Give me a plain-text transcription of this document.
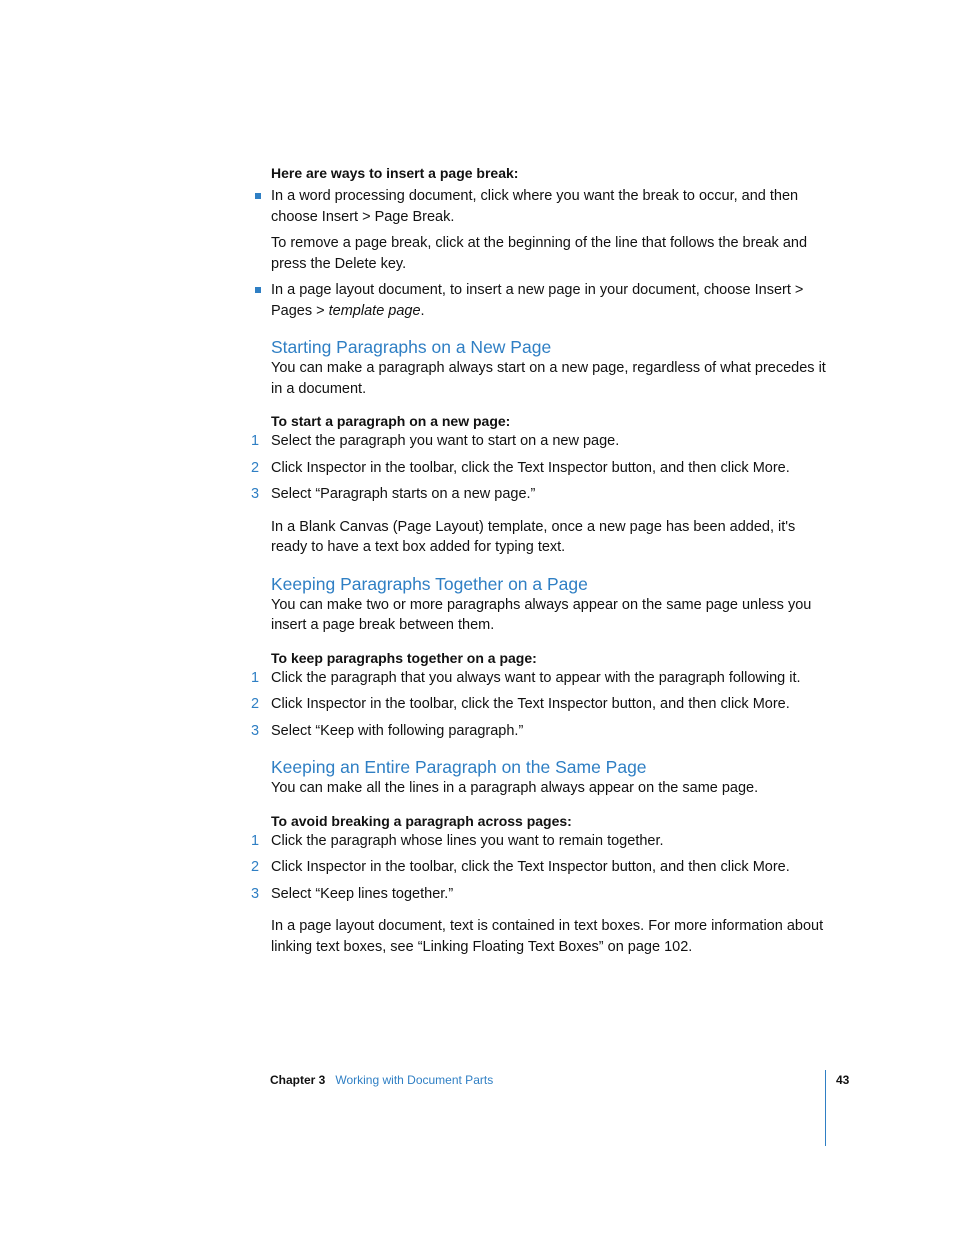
Here are ways to insert a page break:

In a word processing document, click where you want the break to occur, and then choose Insert > Page Break.

To remove a page break, click at the beginning of the line that follows the break and press the Delete key.

In a page layout document, to insert a new page in your document, choose Insert > Pages > template page.
Starting Paragraphs on a New Page

You can make a paragraph always start on a new page, regardless of what precedes it in a document.

To start a paragraph on a new page:

1 Select the paragraph you want to start on a new page.
2 Click Inspector in the toolbar, click the Text Inspector button, and then click More.
3 Select “Paragraph starts on a new page.”

In a Blank Canvas (Page Layout) template, once a new page has been added, it's ready to have a text box added for typing text.

Keeping Paragraphs Together on a Page

You can make two or more paragraphs always appear on the same page unless you insert a page break between them.

To keep paragraphs together on a page:

1 Click the paragraph that you always want to appear with the paragraph following it.
2 Click Inspector in the toolbar, click the Text Inspector button, and then click More.
3 Select “Keep with following paragraph.”
Keeping an Entire Paragraph on the Same Page

You can make all the lines in a paragraph always appear on the same page.

To avoid breaking a paragraph across pages:

1 Click the paragraph whose lines you want to remain together.
2 Click Inspector in the toolbar, click the Text Inspector button, and then click More.
3 Select “Keep lines together.”

In a page layout document, text is contained in text boxes. For more information about linking text boxes, see “Linking Floating Text Boxes” on page 102.

Chapter 3 Working with Document Parts	43
